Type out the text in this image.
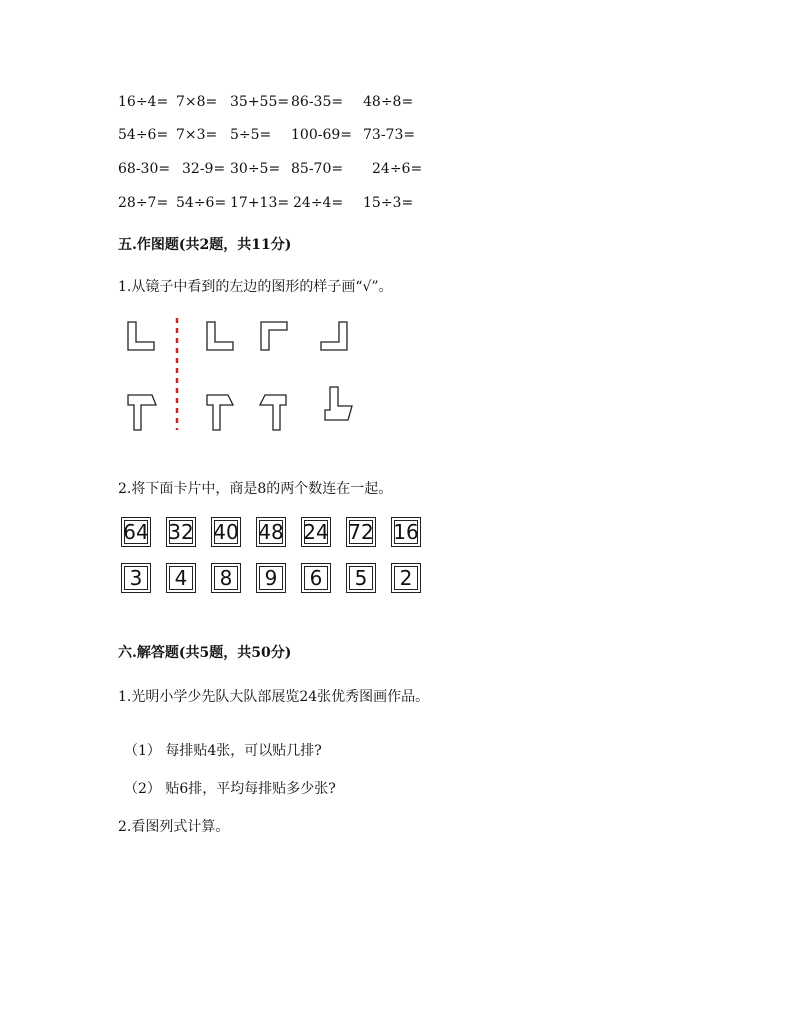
16÷4= 7×8= 35+55= 86-35= 48÷8=
54÷6= 7×3= 5÷5= 100-69= 73-73=
68-30= 32-9= 30÷5= 85-70= 24÷6=
28÷7= 54÷6= 17+13= 24÷4= 15÷3=
五.作图题(共2题，共11分)
1.从镜子中看到的左边的图形的样子画“√”。
2.将下面卡片中，商是8的两个数连在一起。
64 32 40 48 24 72 16
3 4 8 9 6 5 2
六.解答题(共5题，共50分)
1.光明小学少先队大队部展览24张优秀图画作品。
（1） 每排贴4张，可以贴几排?
（2） 贴6排，平均每排贴多少张?
2.看图列式计算。
